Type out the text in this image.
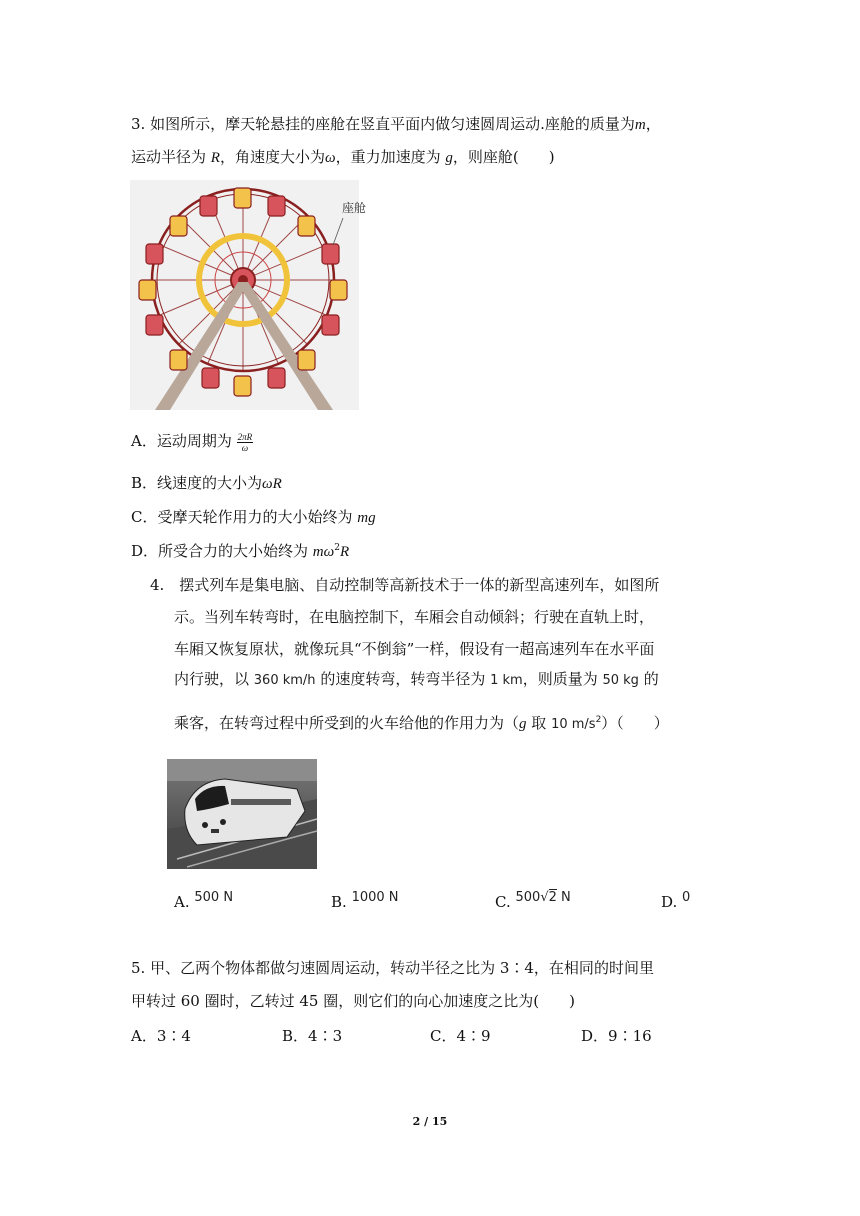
3. 如图所示，摩天轮悬挂的座舱在竖直平面内做匀速圆周运动.座舱的质量为m，
运动半径为 R，角速度大小为ω，重力加速度为 g，则座舱(　　)
座舱
A．运动周期为 $\frac{2\pi R}{\omega}$
B．线速度的大小为ωR
C．受摩天轮作用力的大小始终为 mg
D．所受合力的大小始终为 $m\omega^2R$
4.　摆式列车是集电脑、自动控制等高新技术于一体的新型高速列车，如图所
示。当列车转弯时，在电脑控制下，车厢会自动倾斜；行驶在直轨上时，
车厢又恢复原状，就像玩具“不倒翁”一样，假设有一超高速列车在水平面
内行驶，以 360 km/h 的速度转弯，转弯半径为 1 km，则质量为 50 kg 的
乘客，在转弯过程中所受到的火车给他的作用力为（g 取 10 $m/s^2$）（　　）
A. 500 N	B. 1000 N	C. 500√2 N	D. 0
5. 甲、乙两个物体都做匀速圆周运动，转动半径之比为 3∶4，在相同的时间里
甲转过 60 圈时，乙转过 45 圈，则它们的向心加速度之比为(　　)
A．3∶4	B．4∶3	C．4∶9	D．9∶16
2 / 15
